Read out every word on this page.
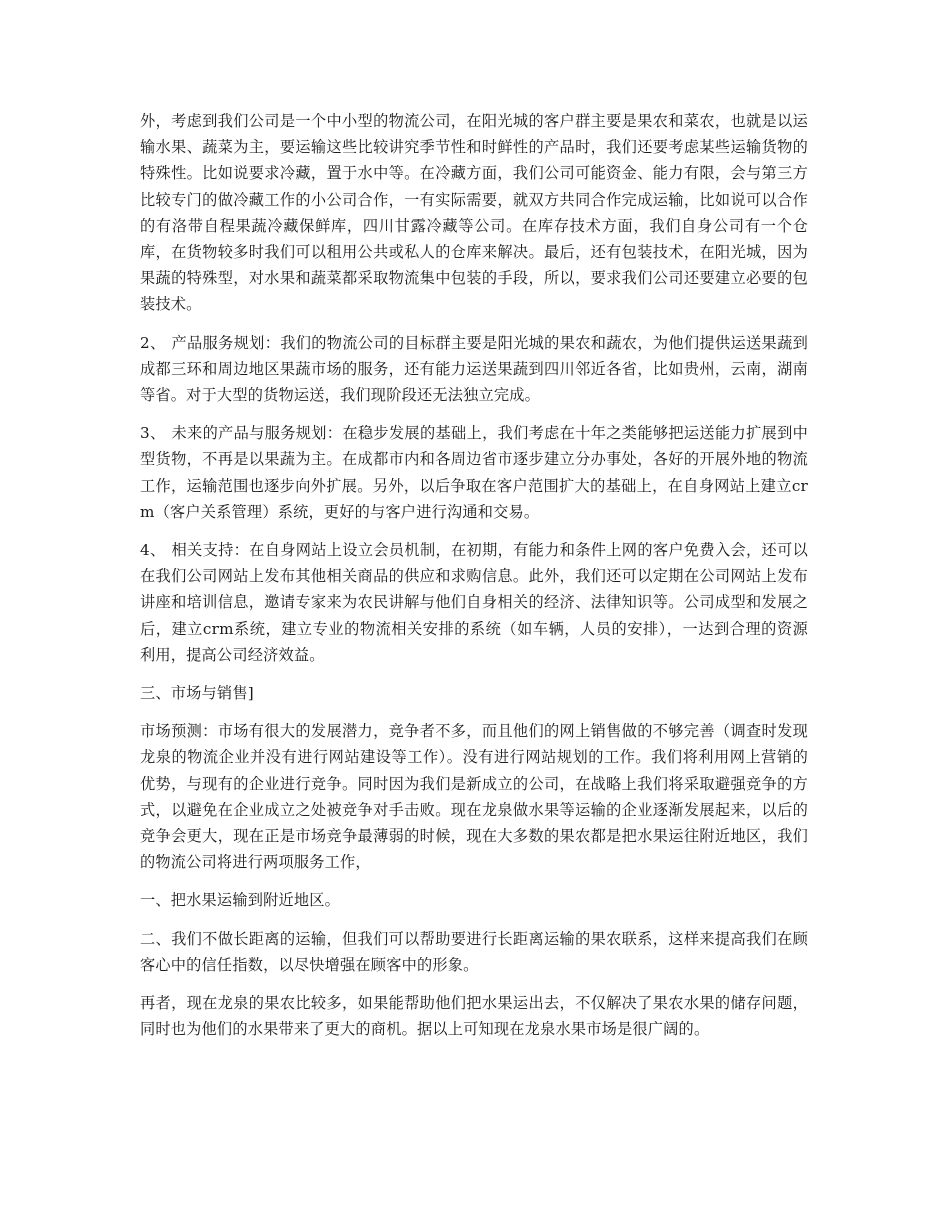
外，考虑到我们公司是一个中小型的物流公司，在阳光城的客户群主要是果农和菜农，也就是以运输水果、蔬菜为主，要运输这些比较讲究季节性和时鲜性的产品时，我们还要考虑某些运输货物的特殊性。比如说要求冷藏，置于水中等。在冷藏方面，我们公司可能资金、能力有限，会与第三方比较专门的做冷藏工作的小公司合作，一有实际需要，就双方共同合作完成运输，比如说可以合作的有洛带自程果蔬冷藏保鲜库，四川甘露冷藏等公司。在库存技术方面，我们自身公司有一个仓库，在货物较多时我们可以租用公共或私人的仓库来解决。最后，还有包装技术，在阳光城，因为果蔬的特殊型，对水果和蔬菜都采取物流集中包装的手段，所以，要求我们公司还要建立必要的包装技术。

2、 产品服务规划：我们的物流公司的目标群主要是阳光城的果农和蔬农，为他们提供运送果蔬到成都三环和周边地区果蔬市场的服务，还有能力运送果蔬到四川邻近各省，比如贵州，云南，湖南等省。对于大型的货物运送，我们现阶段还无法独立完成。

3、 未来的产品与服务规划：在稳步发展的基础上，我们考虑在十年之类能够把运送能力扩展到中型货物，不再是以果蔬为主。在成都市内和各周边省市逐步建立分办事处，各好的开展外地的物流工作，运输范围也逐步向外扩展。另外，以后争取在客户范围扩大的基础上，在自身网站上建立crm（客户关系管理）系统，更好的与客户进行沟通和交易。

4、 相关支持：在自身网站上设立会员机制，在初期，有能力和条件上网的客户免费入会，还可以在我们公司网站上发布其他相关商品的供应和求购信息。此外，我们还可以定期在公司网站上发布讲座和培训信息，邀请专家来为农民讲解与他们自身相关的经济、法律知识等。公司成型和发展之后，建立crm系统，建立专业的物流相关安排的系统（如车辆，人员的安排），一达到合理的资源利用，提高公司经济效益。

三、市场与销售]

市场预测：市场有很大的发展潜力，竞争者不多，而且他们的网上销售做的不够完善（调查时发现龙泉的物流企业并没有进行网站建设等工作）。没有进行网站规划的工作。我们将利用网上营销的优势，与现有的企业进行竞争。同时因为我们是新成立的公司，在战略上我们将采取避强竞争的方式，以避免在企业成立之处被竞争对手击败。现在龙泉做水果等运输的企业逐渐发展起来，以后的竞争会更大，现在正是市场竞争最薄弱的时候，现在大多数的果农都是把水果运往附近地区，我们的物流公司将进行两项服务工作，

一、把水果运输到附近地区。

二、我们不做长距离的运输，但我们可以帮助要进行长距离运输的果农联系，这样来提高我们在顾客心中的信任指数，以尽快增强在顾客中的形象。

再者，现在龙泉的果农比较多，如果能帮助他们把水果运出去，不仅解决了果农水果的储存问题，同时也为他们的水果带来了更大的商机。据以上可知现在龙泉水果市场是很广阔的。
